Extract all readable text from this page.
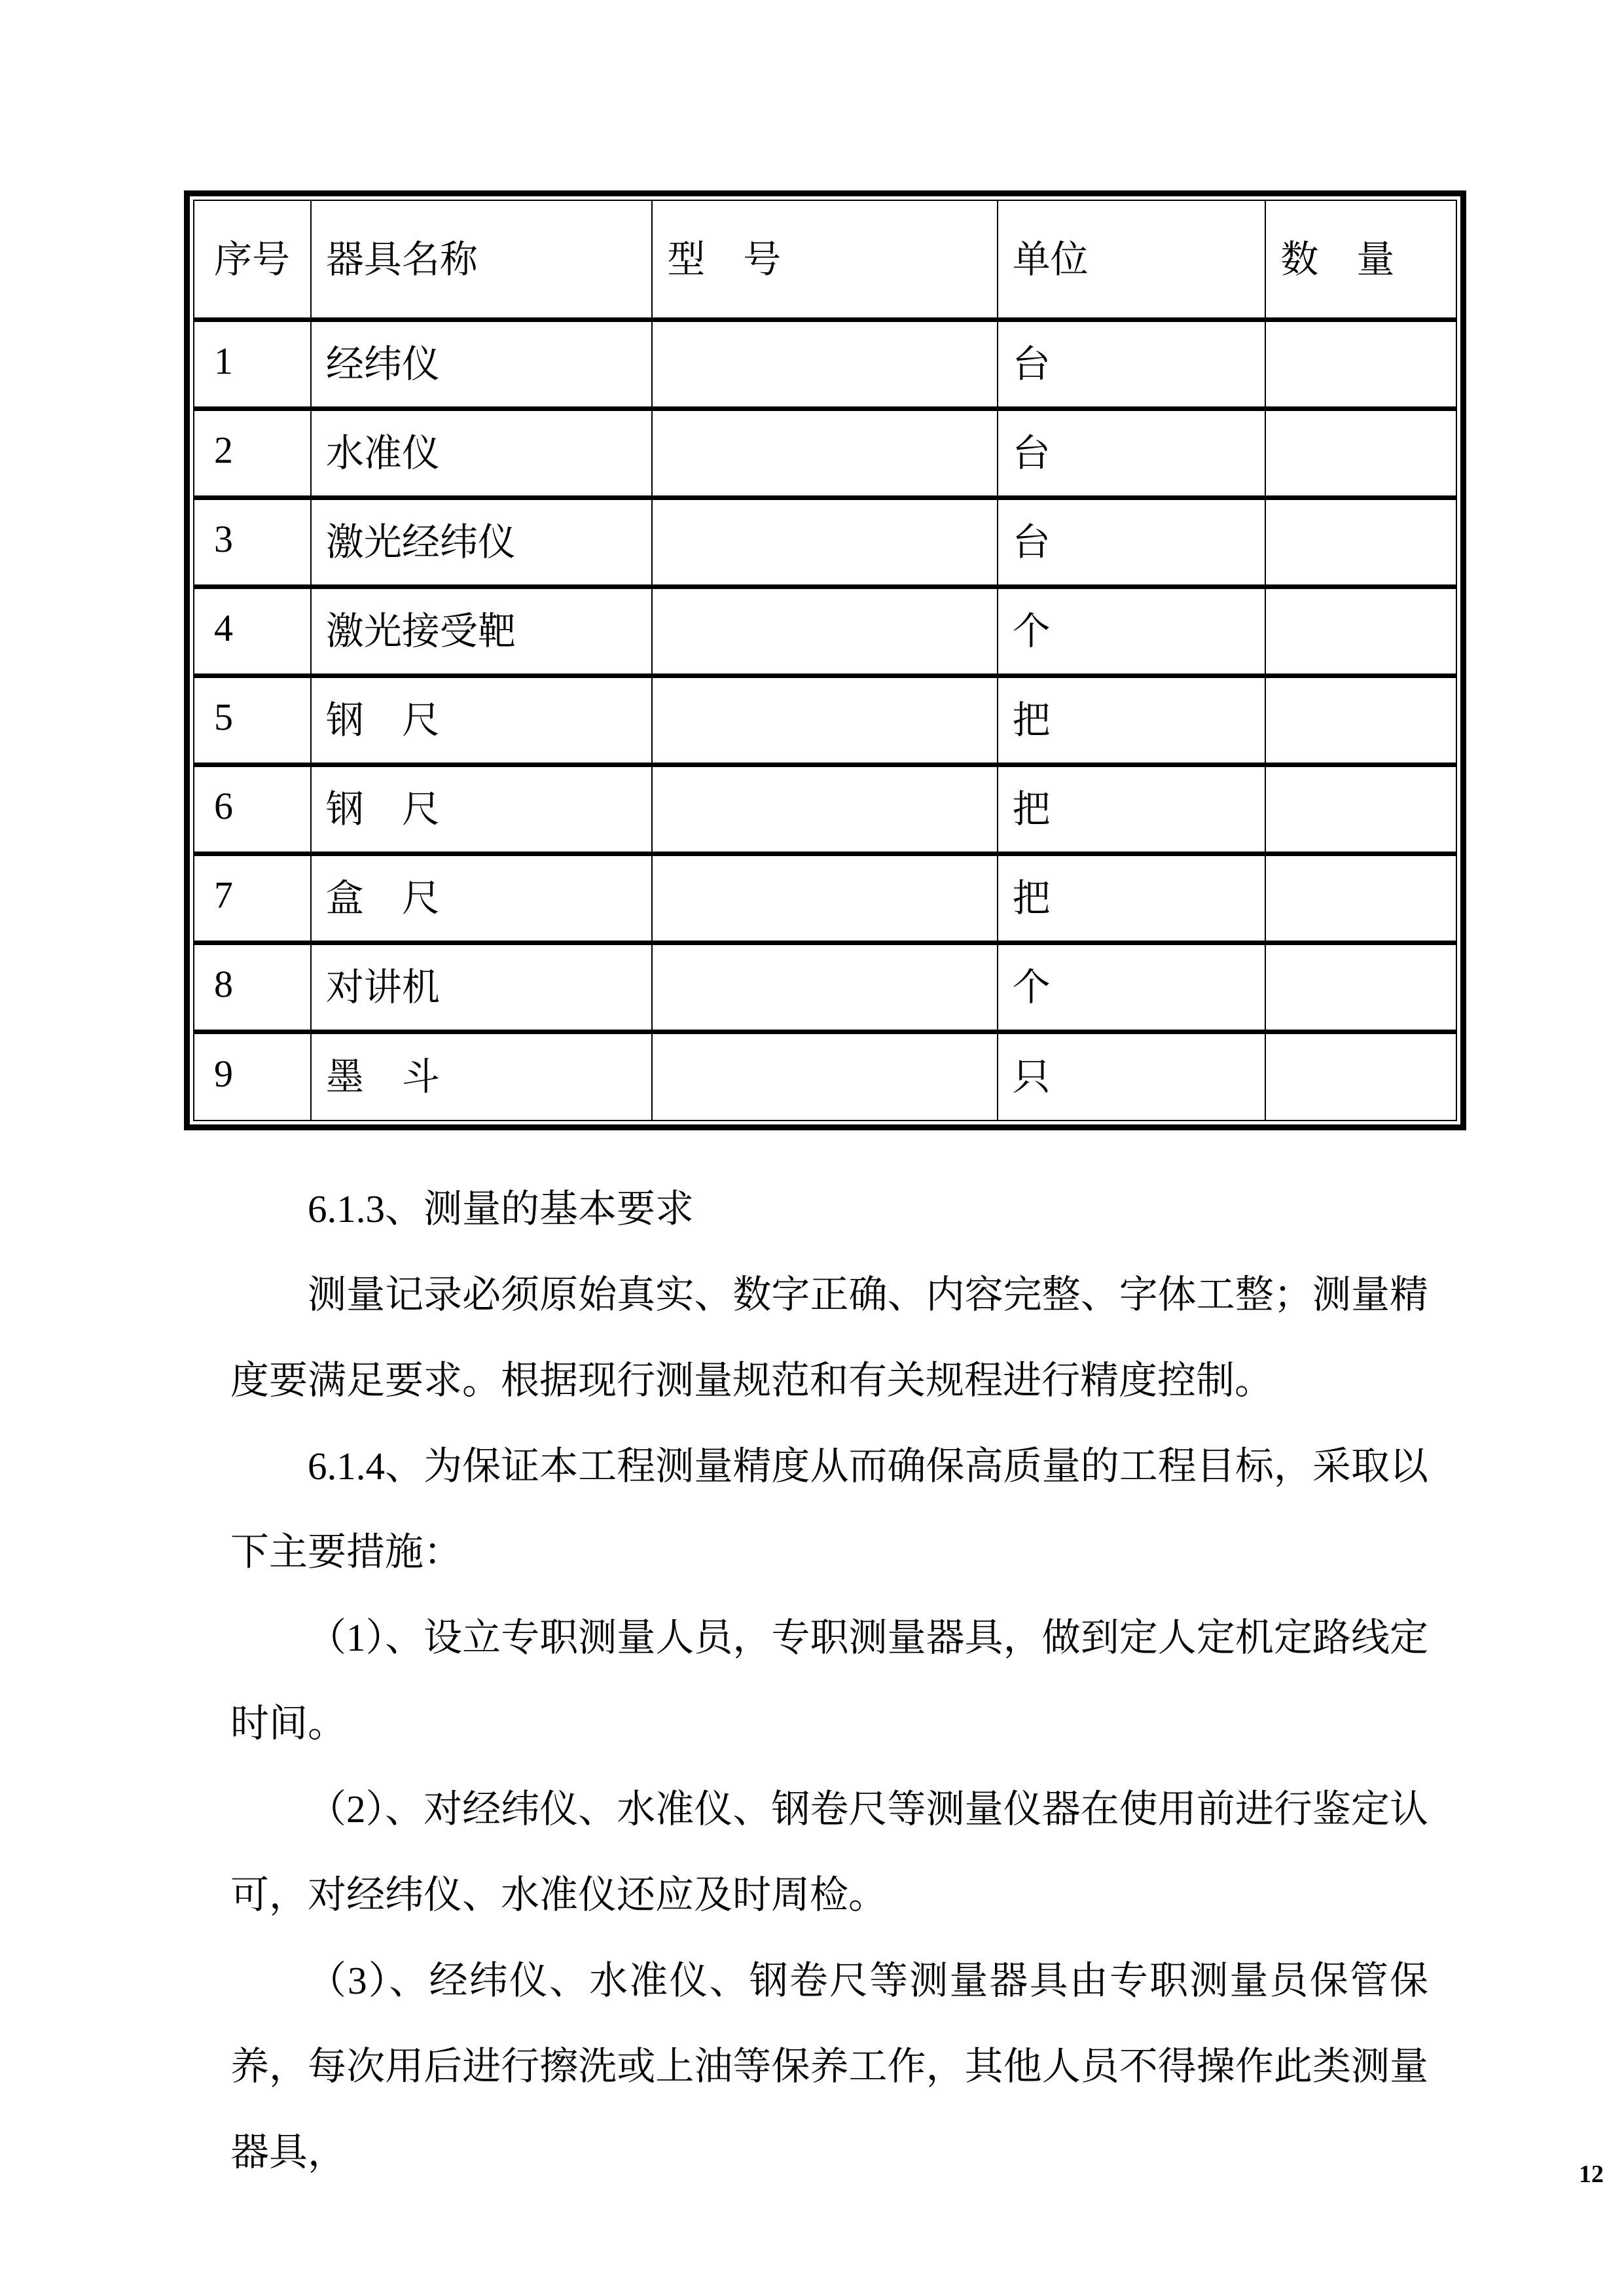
序号	器具名称	型　号	单位	数　量
1	经纬仪		台	
2	水准仪		台	
3	激光经纬仪		台	
4	激光接受靶		个	
5	钢　尺		把	
6	钢　尺		把	
7	盒　尺		把	
8	对讲机		个	
9	墨　斗		只	

6.1.3、测量的基本要求

测量记录必须原始真实、数字正确、内容完整、字体工整；测量精度要满足要求。根据现行测量规范和有关规程进行精度控制。

6.1.4、为保证本工程测量精度从而确保高质量的工程目标，采取以下主要措施：

（1）、设立专职测量人员，专职测量器具，做到定人定机定路线定时间。

（2）、对经纬仪、水准仪、钢卷尺等测量仪器在使用前进行鉴定认可，对经纬仪、水准仪还应及时周检。

（3）、经纬仪、水准仪、钢卷尺等测量器具由专职测量员保管保养，每次用后进行擦洗或上油等保养工作，其他人员不得操作此类测量器具，

12
